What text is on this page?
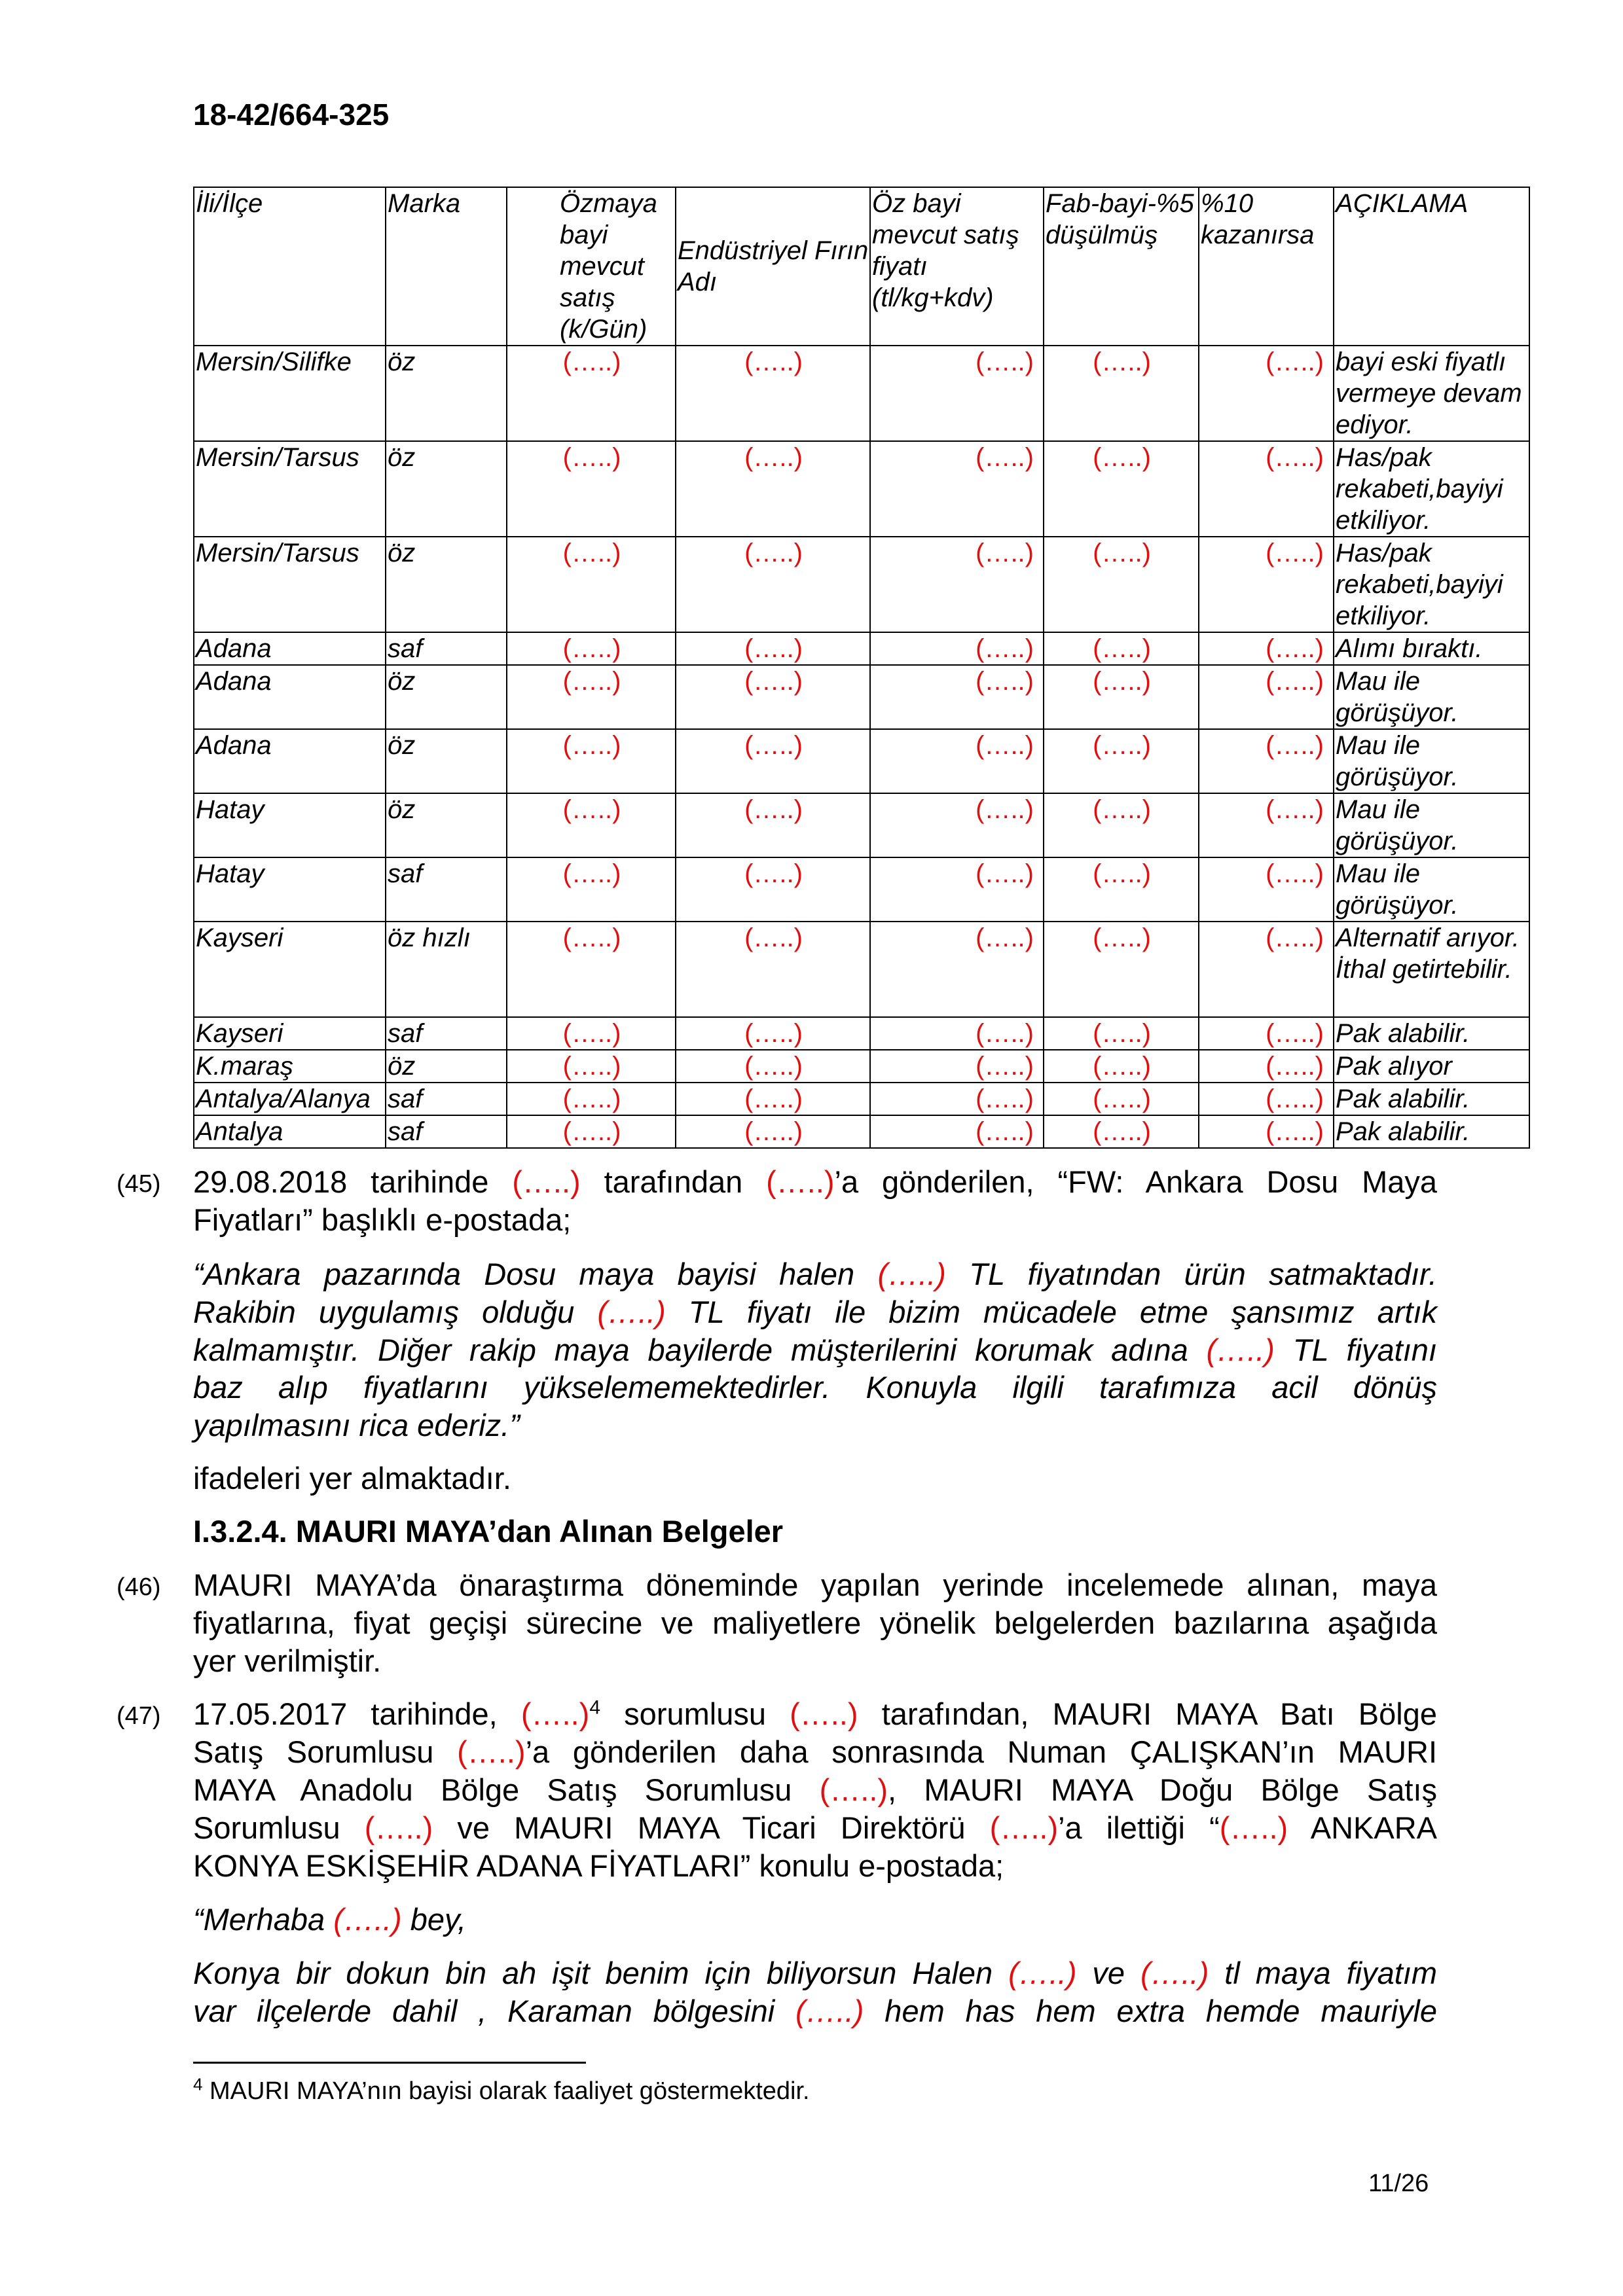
18-42/664-325
İli/İlçe	Marka	Özmaya bayi mevcut satış (k/Gün)	Endüstriyel Fırın Adı	Öz bayi mevcut satış fiyatı (tl/kg+kdv)	Fab-bayi-%5 düşülmüş	%10 kazanırsa	AÇIKLAMA
Mersin/Silifke	öz	(…..)	(…..)	(…..)	(…..)	(…..)	bayi eski fiyatlı vermeye devam ediyor.
Mersin/Tarsus	öz	(…..)	(…..)	(…..)	(…..)	(…..)	Has/pak rekabeti,bayiyi etkiliyor.
Mersin/Tarsus	öz	(…..)	(…..)	(…..)	(…..)	(…..)	Has/pak rekabeti,bayiyi etkiliyor.
Adana	saf	(…..)	(…..)	(…..)	(…..)	(…..)	Alımı bıraktı.
Adana	öz	(…..)	(…..)	(…..)	(…..)	(…..)	Mau ile görüşüyor.
Adana	öz	(…..)	(…..)	(…..)	(…..)	(…..)	Mau ile görüşüyor.
Hatay	öz	(…..)	(…..)	(…..)	(…..)	(…..)	Mau ile görüşüyor.
Hatay	saf	(…..)	(…..)	(…..)	(…..)	(…..)	Mau ile görüşüyor.
Kayseri	öz hızlı	(…..)	(…..)	(…..)	(…..)	(…..)	Alternatif arıyor. İthal getirtebilir.
Kayseri	saf	(…..)	(…..)	(…..)	(…..)	(…..)	Pak alabilir.
K.maraş	öz	(…..)	(…..)	(…..)	(…..)	(…..)	Pak alıyor
Antalya/Alanya	saf	(…..)	(…..)	(…..)	(…..)	(…..)	Pak alabilir.
Antalya	saf	(…..)	(…..)	(…..)	(…..)	(…..)	Pak alabilir.
(45) 29.08.2018 tarihinde (…..) tarafından (…..)’a gönderilen, “FW: Ankara Dosu Maya
Fiyatları” başlıklı e-postada;
“Ankara pazarında Dosu maya bayisi halen (…..) TL fiyatından ürün satmaktadır.
Rakibin uygulamış olduğu (…..) TL fiyatı ile bizim mücadele etme şansımız artık
kalmamıştır. Diğer rakip maya bayilerde müşterilerini korumak adına (…..) TL fiyatını
baz alıp fiyatlarını yükselememektedirler. Konuyla ilgili tarafımıza acil dönüş
yapılmasını rica ederiz.”
ifadeleri yer almaktadır.
I.3.2.4. MAURI MAYA’dan Alınan Belgeler
(46) MAURI MAYA’da önaraştırma döneminde yapılan yerinde incelemede alınan, maya
fiyatlarına, fiyat geçişi sürecine ve maliyetlere yönelik belgelerden bazılarına aşağıda
yer verilmiştir.
(47) 17.05.2017 tarihinde, (…..)$^4$ sorumlusu (…..) tarafından, MAURI MAYA Batı Bölge
Satış Sorumlusu (…..)’a gönderilen daha sonrasında Numan ÇALIŞKAN’ın MAURI
MAYA Anadolu Bölge Satış Sorumlusu (…..), MAURI MAYA Doğu Bölge Satış
Sorumlusu (…..) ve MAURI MAYA Ticari Direktörü (…..)’a ilettiği “(…..) ANKARA
KONYA ESKİŞEHİR ADANA FİYATLARI” konulu e-postada;
“Merhaba (…..) bey,
Konya bir dokun bin ah işit benim için biliyorsun Halen (…..) ve (…..) tl maya fiyatım
var ilçelerde dahil , Karaman bölgesini (…..) hem has hem extra hemde mauriyle
$^4$ MAURI MAYA’nın bayisi olarak faaliyet göstermektedir.
11/26
